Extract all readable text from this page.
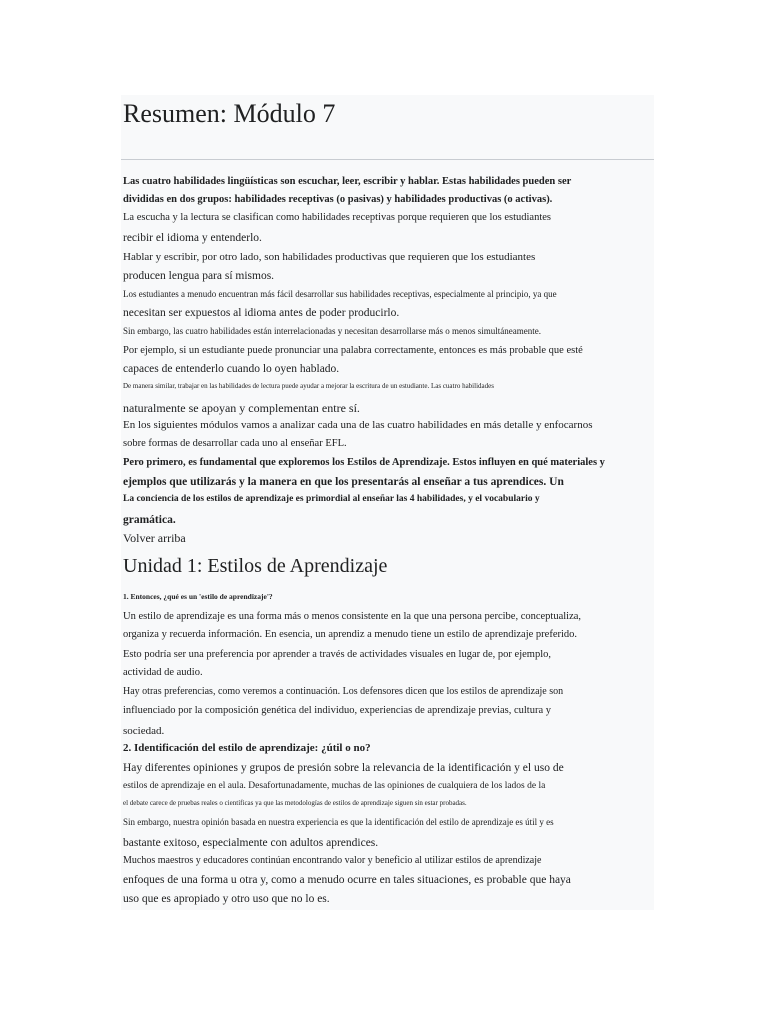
Resumen: Módulo 7
Las cuatro habilidades lingüísticas son escuchar, leer, escribir y hablar. Estas habilidades pueden ser
divididas en dos grupos: habilidades receptivas (o pasivas) y habilidades productivas (o activas).
La escucha y la lectura se clasifican como habilidades receptivas porque requieren que los estudiantes
recibir el idioma y entenderlo.
Hablar y escribir, por otro lado, son habilidades productivas que requieren que los estudiantes
producen lengua para sí mismos.
Los estudiantes a menudo encuentran más fácil desarrollar sus habilidades receptivas, especialmente al principio, ya que
necesitan ser expuestos al idioma antes de poder producirlo.
Sin embargo, las cuatro habilidades están interrelacionadas y necesitan desarrollarse más o menos simultáneamente.
Por ejemplo, si un estudiante puede pronunciar una palabra correctamente, entonces es más probable que esté
capaces de entenderlo cuando lo oyen hablado.
De manera similar, trabajar en las habilidades de lectura puede ayudar a mejorar la escritura de un estudiante. Las cuatro habilidades
naturalmente se apoyan y complementan entre sí.
En los siguientes módulos vamos a analizar cada una de las cuatro habilidades en más detalle y enfocarnos
sobre formas de desarrollar cada uno al enseñar EFL.
Pero primero, es fundamental que exploremos los Estilos de Aprendizaje. Estos influyen en qué materiales y
ejemplos que utilizarás y la manera en que los presentarás al enseñar a tus aprendices. Un
La conciencia de los estilos de aprendizaje es primordial al enseñar las 4 habilidades, y el vocabulario y
gramática.
Volver arriba
Unidad 1: Estilos de Aprendizaje
1. Entonces, ¿qué es un 'estilo de aprendizaje'?
Un estilo de aprendizaje es una forma más o menos consistente en la que una persona percibe, conceptualiza,
organiza y recuerda información. En esencia, un aprendiz a menudo tiene un estilo de aprendizaje preferido.
Esto podría ser una preferencia por aprender a través de actividades visuales en lugar de, por ejemplo,
actividad de audio.
Hay otras preferencias, como veremos a continuación. Los defensores dicen que los estilos de aprendizaje son
influenciado por la composición genética del individuo, experiencias de aprendizaje previas, cultura y
sociedad.
2. Identificación del estilo de aprendizaje: ¿útil o no?
Hay diferentes opiniones y grupos de presión sobre la relevancia de la identificación y el uso de
estilos de aprendizaje en el aula. Desafortunadamente, muchas de las opiniones de cualquiera de los lados de la
el debate carece de pruebas reales o científicas ya que las metodologías de estilos de aprendizaje siguen sin estar probadas.
Sin embargo, nuestra opinión basada en nuestra experiencia es que la identificación del estilo de aprendizaje es útil y es
bastante exitoso, especialmente con adultos aprendices.
Muchos maestros y educadores continúan encontrando valor y beneficio al utilizar estilos de aprendizaje
enfoques de una forma u otra y, como a menudo ocurre en tales situaciones, es probable que haya
uso que es apropiado y otro uso que no lo es.
